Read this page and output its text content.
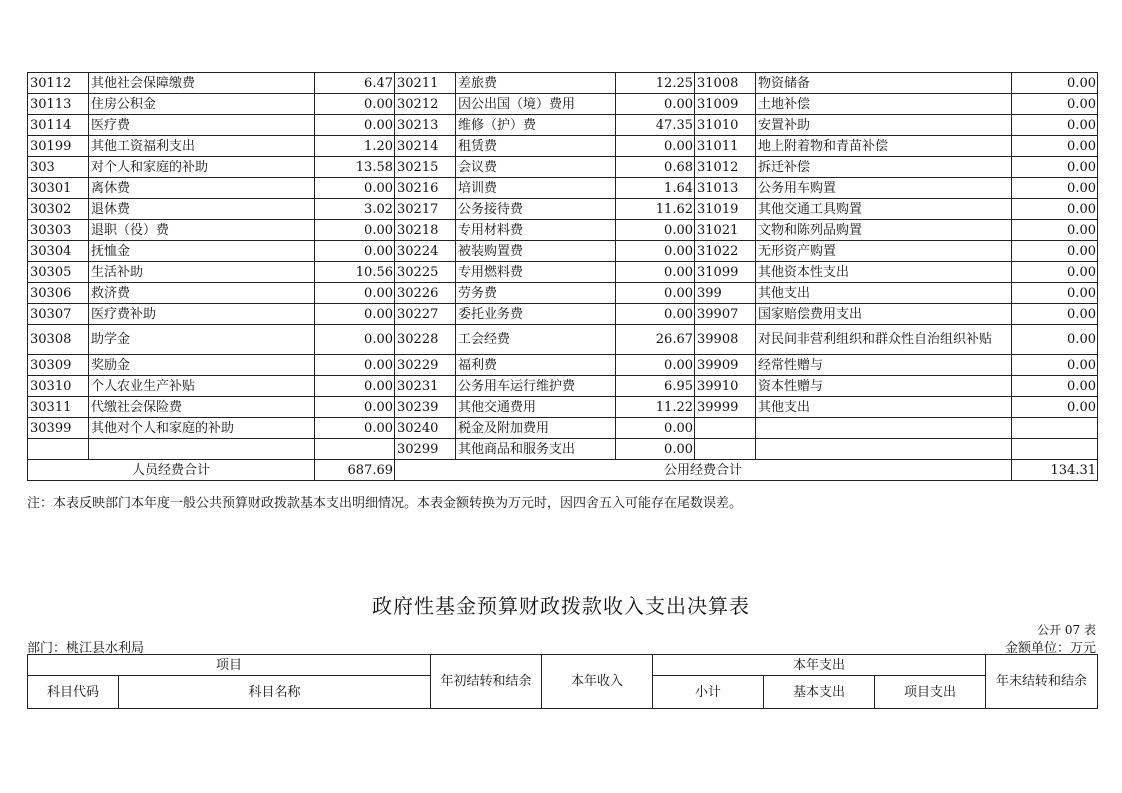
30112	其他社会保障缴费	6.47	30211	差旅费	12.25	31008	物资储备	0.00
30113	住房公积金	0.00	30212	因公出国（境）费用	0.00	31009	土地补偿	0.00
30114	医疗费	0.00	30213	维修（护）费	47.35	31010	安置补助	0.00
30199	其他工资福利支出	1.20	30214	租赁费	0.00	31011	地上附着物和青苗补偿	0.00
303	对个人和家庭的补助	13.58	30215	会议费	0.68	31012	拆迁补偿	0.00
30301	离休费	0.00	30216	培训费	1.64	31013	公务用车购置	0.00
30302	退休费	3.02	30217	公务接待费	11.62	31019	其他交通工具购置	0.00
30303	退职（役）费	0.00	30218	专用材料费	0.00	31021	文物和陈列品购置	0.00
30304	抚恤金	0.00	30224	被装购置费	0.00	31022	无形资产购置	0.00
30305	生活补助	10.56	30225	专用燃料费	0.00	31099	其他资本性支出	0.00
30306	救济费	0.00	30226	劳务费	0.00	399	其他支出	0.00
30307	医疗费补助	0.00	30227	委托业务费	0.00	39907	国家赔偿费用支出	0.00
30308	助学金	0.00	30228	工会经费	26.67	39908	对民间非营利组织和群众性自治组织补贴	0.00
30309	奖励金	0.00	30229	福利费	0.00	39909	经常性赠与	0.00
30310	个人农业生产补贴	0.00	30231	公务用车运行维护费	6.95	39910	资本性赠与	0.00
30311	代缴社会保险费	0.00	30239	其他交通费用	11.22	39999	其他支出	0.00
30399	其他对个人和家庭的补助	0.00	30240	税金及附加费用	0.00			
			30299	其他商品和服务支出	0.00			
人员经费合计		687.69	公用经费合计					134.31
注：本表反映部门本年度一般公共预算财政拨款基本支出明细情况。本表金额转换为万元时，因四舍五入可能存在尾数误差。
政府性基金预算财政拨款收入支出决算表
公开 07 表
部门：桃江县水利局	金额单位：万元
项目		年初结转和结余	本年收入	本年支出			年末结转和结余
科目代码	科目名称			小计	基本支出	项目支出	
